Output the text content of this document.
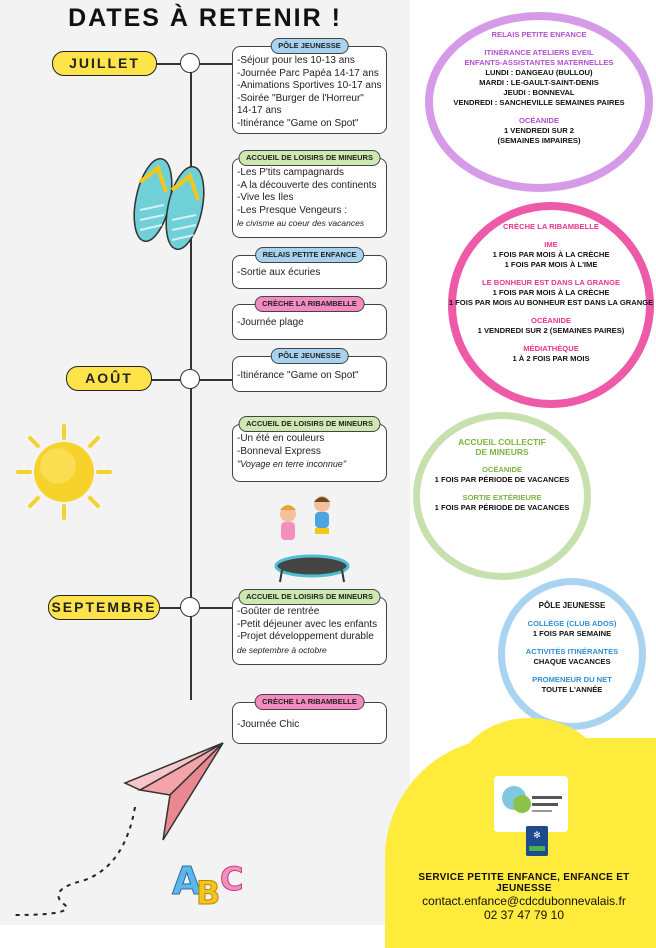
DATES À RETENIR !
JUILLET
AOÛT
SEPTEMBRE
PÔLE JEUNESSE
-Séjour pour les 10-13 ans
-Journée Parc Papéa 14-17 ans
-Animations Sportives 10-17 ans
-Soirée "Burger de l'Horreur"
14-17 ans
-Itinérance "Game on Spot"
ACCUEIL DE LOISIRS DE MINEURS
-Les P'tits campagnards
-A la découverte des continents
-Vive les Iles
-Les Presque Vengeurs :
le civisme au coeur des vacances
RELAIS PETITE ENFANCE
-Sortie aux écuries
CRÈCHE LA RIBAMBELLE
-Journée plage
PÔLE JEUNESSE
-Itinérance "Game on Spot"
ACCUEIL DE LOISIRS DE MINEURS
-Un été en couleurs
-Bonneval Express
"Voyage en terre inconnue"
ACCUEIL DE LOISIRS DE MINEURS
-Goûter de rentrée
-Petit déjeuner avec les enfants
-Projet développement durable
de septembre à octobre
CRÈCHE LA RIBAMBELLE
-Journée Chic
A
B C
RELAIS PETITE ENFANCE
ITINÉRANCE ATELIERS EVEIL
ENFANTS-ASSISTANTES MATERNELLES
LUNDI : DANGEAU (BULLOU)
MARDI : LE-GAULT-SAINT-DENIS
JEUDI : BONNEVAL
VENDREDI : SANCHEVILLE SEMAINES PAIRES
OCÉANIDE
1 VENDREDI SUR 2
(SEMAINES IMPAIRES)
CRÈCHE LA RIBAMBELLE
IME
1 FOIS PAR MOIS À LA CRÈCHE
1 FOIS PAR MOIS À L'IME
LE BONHEUR EST DANS LA GRANGE
1 FOIS PAR MOIS À LA CRÈCHE
1 FOIS PAR MOIS AU BONHEUR EST DANS LA GRANGE
OCÉANIDE
1 VENDREDI SUR 2 (SEMAINES PAIRES)
MÉDIATHÈQUE
1 À 2 FOIS PAR MOIS
ACCUEIL COLLECTIF
DE MINEURS
OCÉANIDE
1 FOIS PAR PÉRIODE DE VACANCES
SORTIE EXTÉRIEURE
1 FOIS PAR PÉRIODE DE VACANCES
PÔLE JEUNESSE
COLLÈGE (CLUB ADOS)
1 FOIS PAR SEMAINE
ACTIVITÉS ITINÉRANTES
CHAQUE VACANCES
PROMENEUR DU NET
TOUTE L'ANNÉE
✻
SERVICE PETITE ENFANCE, ENFANCE ET JEUNESSE
contact.enfance@cdcdubonnevalais.fr
02 37 47 79 10
